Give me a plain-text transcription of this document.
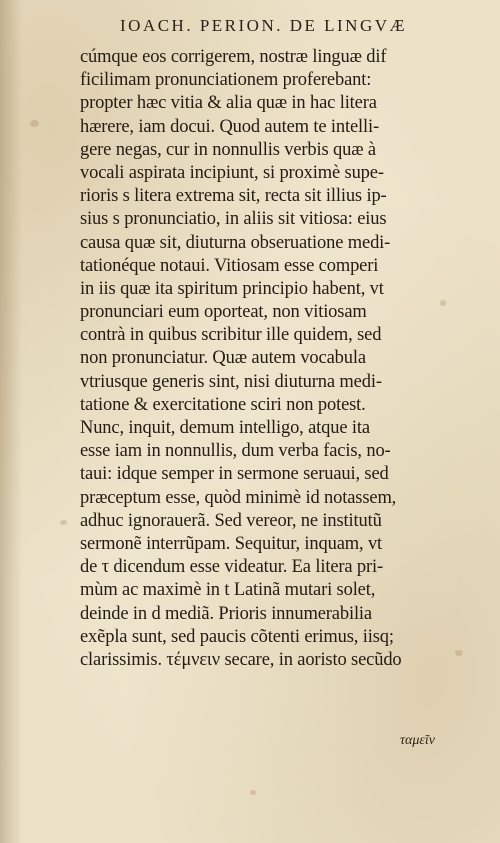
IOACH. PERION. DE LINGVÆ
cúmque eos corrigerem, nostræ linguæ dif
ficilimam pronunciationem proferebant:
propter hæc vitia & alia quæ in hac litera
hærere, iam docui. Quod autem te intelli-
gere negas, cur in nonnullis verbis quæ à
vocali aspirata incipiunt, si proximè supe-
rioris s litera extrema sit, recta sit illius ip-
sius s pronunciatio, in aliis sit vitiosa: eius
causa quæ sit, diuturna obseruatione medi-
tationéque notaui. Vitiosam esse comperi
in iis quæ ita spiritum principio habent, vt
pronunciari eum oporteat, non vitiosam
contrà in quibus scribitur ille quidem, sed
non pronunciatur. Quæ autem vocabula
vtriusque generis sint, nisi diuturna medi-
tatione & exercitatione sciri non potest.
Nunc, inquit, demum intelligo, atque ita
esse iam in nonnullis, dum verba facis, no-
taui: idque semper in sermone seruaui, sed
præceptum esse, quòd minimè id notassem,
adhuc ignorauerã. Sed vereor, ne institutũ
sermonẽ interrũpam. Sequitur, inquam, vt
de τ dicendum esse videatur. Ea litera pri-
mùm ac maximè in t Latinã mutari solet,
deinde in d mediã. Prioris innumerabilia
exẽpla sunt, sed paucis cõtenti erimus, iisq;
clarissimis. τέμνειν secare, in aoristo secũdo
ταμεῖν
